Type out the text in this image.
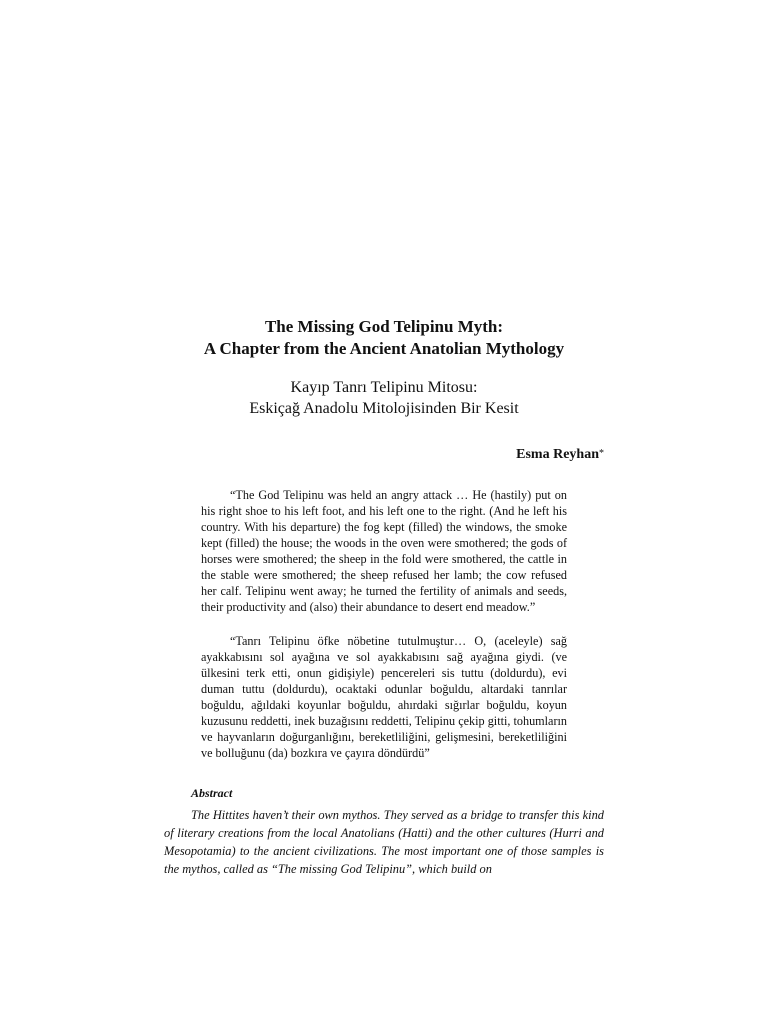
The Missing God Telipinu Myth:
A Chapter from the Ancient Anatolian Mythology
Kayıp Tanrı Telipinu Mitosu:
Eskiçağ Anadolu Mitolojisinden Bir Kesit
Esma Reyhan*

“The God Telipinu was held an angry attack … He (hastily) put on his right shoe to his left foot, and his left one to the right. (And he left his country. With his departure) the fog kept (filled) the windows, the smoke kept (filled) the house; the woods in the oven were smothered; the gods of horses were smothered; the sheep in the fold were smothered, the cattle in the stable were smothered; the sheep refused her lamb; the cow refused her calf. Telipinu went away; he turned the fertility of animals and seeds, their productivity and (also) their abundance to desert end meadow.”

“Tanrı Telipinu öfke nöbetine tutulmuştur… O, (aceleyle) sağ ayakkabısını sol ayağına ve sol ayakkabısını sağ ayağına giydi. (ve ülkesini terk etti, onun gidişiyle) pencereleri sis tuttu (doldurdu), evi duman tuttu (doldurdu), ocaktaki odunlar boğuldu, altardaki tanrılar boğuldu, ağıldaki koyunlar boğuldu, ahırdaki sığırlar boğuldu, koyun kuzusunu reddetti, inek buzağısını reddetti, Telipinu çekip gitti, tohumların ve hayvanların doğurganlığını, bereketliliğini, gelişmesini, bereketliliğini ve bolluğunu (da) bozkıra ve çayıra döndürdü”

Abstract

The Hittites haven’t their own mythos. They served as a bridge to transfer this kind of literary creations from the local Anatolians (Hatti) and the other cultures (Hurri and Mesopotamia) to the ancient civilizations. The most important one of those samples is the mythos, called as “The missing God Telipinu”, which build on
